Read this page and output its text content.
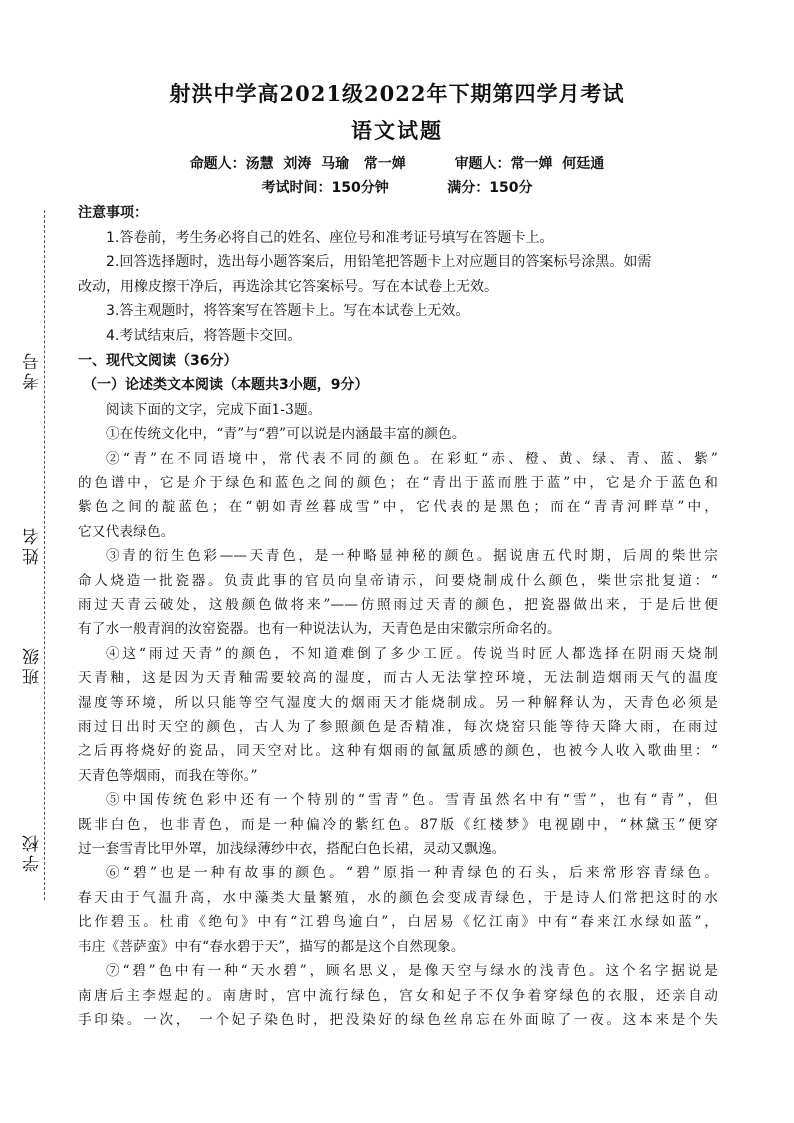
考号
姓名
班级
学校
射洪中学高2021级2022年下期第四学月考试
语文试题
命题人：汤慧  刘涛  马瑜   常一婵	审题人：常一婵  何廷通
考试时间：150分钟	满分：150分
注意事项：
1.答卷前，考生务必将自己的姓名、座位号和准考证号填写在答题卡上。
2.回答选择题时，选出每小题答案后，用铅笔把答题卡上对应题目的答案标号涂黑。如需
改动，用橡皮擦干净后，再选涂其它答案标号。写在本试卷上无效。
3.答主观题时，将答案写在答题卡上。写在本试卷上无效。
4.考试结束后，将答题卡交回。
一、现代文阅读（36分）
（一）论述类文本阅读（本题共3小题，9分）
阅读下面的文字，完成下面1-3题。
①在传统文化中，“青”与“碧”可以说是内涵最丰富的颜色。
②“青”在不同语境中，常代表不同的颜色。在彩虹“赤、橙、黄、绿、青、蓝、紫”
的色谱中，它是介于绿色和蓝色之间的颜色；在“青出于蓝而胜于蓝”中，它是介于蓝色和
紫色之间的靛蓝色；在“朝如青丝暮成雪”中，它代表的是黑色；而在“青青河畔草”中，
它又代表绿色。
③青的衍生色彩——天青色，是一种略显神秘的颜色。据说唐五代时期，后周的柴世宗
命人烧造一批瓷器。负责此事的官员向皇帝请示，问要烧制成什么颜色，柴世宗批复道：“
雨过天青云破处，这般颜色做将来”——仿照雨过天青的颜色，把瓷器做出来，于是后世便
有了水一般青润的汝窑瓷器。也有一种说法认为，天青色是由宋徽宗所命名的。
④这“雨过天青”的颜色，不知道难倒了多少工匠。传说当时匠人都选择在阴雨天烧制
天青釉，这是因为天青釉需要较高的湿度，而古人无法掌控环境，无法制造烟雨天气的温度
湿度等环境，所以只能等空气湿度大的烟雨天才能烧制成。另一种解释认为，天青色必须是
雨过日出时天空的颜色，古人为了参照颜色是否精准，每次烧窑只能等待天降大雨，在雨过
之后再将烧好的瓷品，同天空对比。这种有烟雨的氤氲质感的颜色，也被今人收入歌曲里：“
天青色等烟雨，而我在等你。”
⑤中国传统色彩中还有一个特别的“雪青”色。雪青虽然名中有“雪”，也有“青”，但
既非白色，也非青色，而是一种偏冷的紫红色。87版《红楼梦》电视剧中，“林黛玉”便穿
过一套雪青比甲外罩，加浅绿薄纱中衣，搭配白色长裙，灵动又飘逸。
⑥“碧”也是一种有故事的颜色。“碧”原指一种青绿色的石头，后来常形容青绿色。
春天由于气温升高，水中藻类大量繁殖，水的颜色会变成青绿色，于是诗人们常把这时的水
比作碧玉。杜甫《绝句》中有“江碧鸟逾白”，白居易《忆江南》中有“春来江水绿如蓝”，
韦庄《菩萨蛮》中有“春水碧于天”，描写的都是这个自然现象。
⑦“碧”色中有一种“天水碧”，顾名思义，是像天空与绿水的浅青色。这个名字据说是
南唐后主李煜起的。南唐时，宫中流行绿色，宫女和妃子不仅争着穿绿色的衣服，还亲自动
手印染。一次， 一个妃子染色时，把没染好的绿色丝帛忘在外面晾了一夜。这本来是个失
